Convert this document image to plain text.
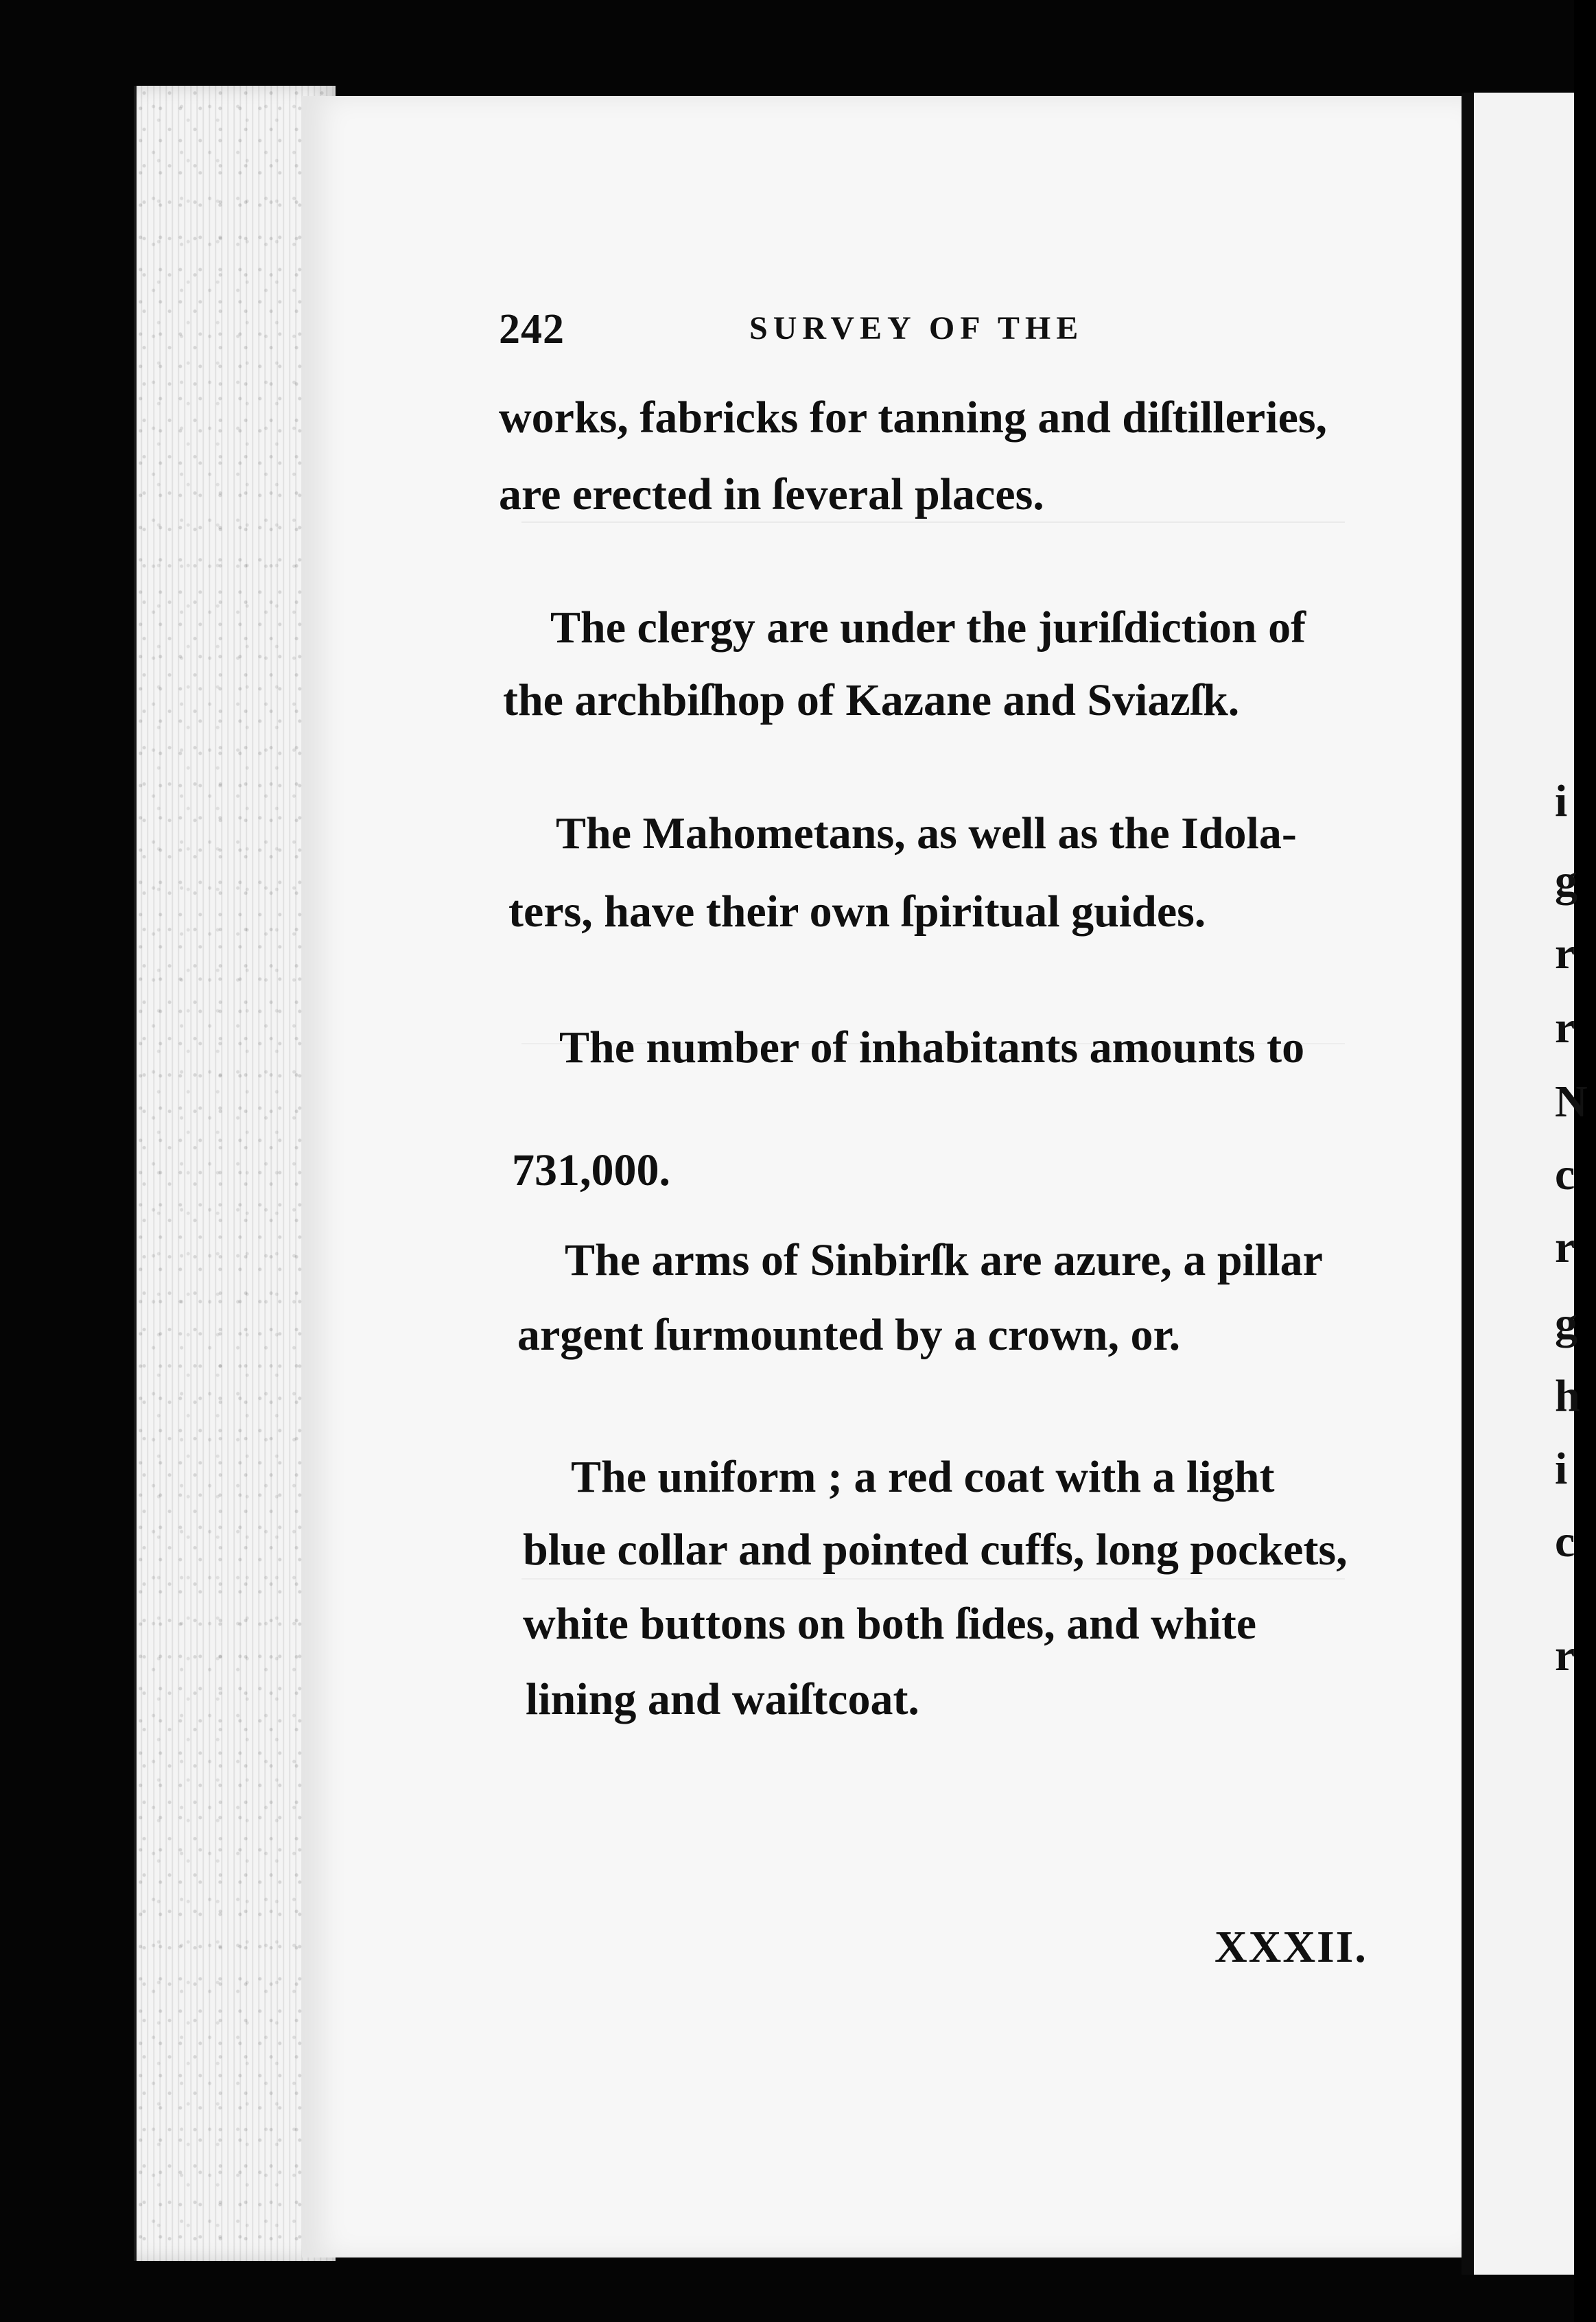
242	SURVEY OF THE
works, fabricks for tanning and diſtilleries,
are erected in ſeveral places.
The clergy are under the juriſdiction of
the archbiſhop of Kazane and Sviazſk.
The Mahometans, as well as the Idola-
ters, have their own ſpiritual guides.
The number of inhabitants amounts to
731,000.
The arms of Sinbirſk are azure, a pillar
argent ſurmounted by a crown, or.
The uniform ; a red coat with a light
blue collar and pointed cuffs, long pockets,
white buttons on both ſides, and white
lining and waiſtcoat.
XXXII.
i
g
r
r
N
c
r
g
h
i
c
r
